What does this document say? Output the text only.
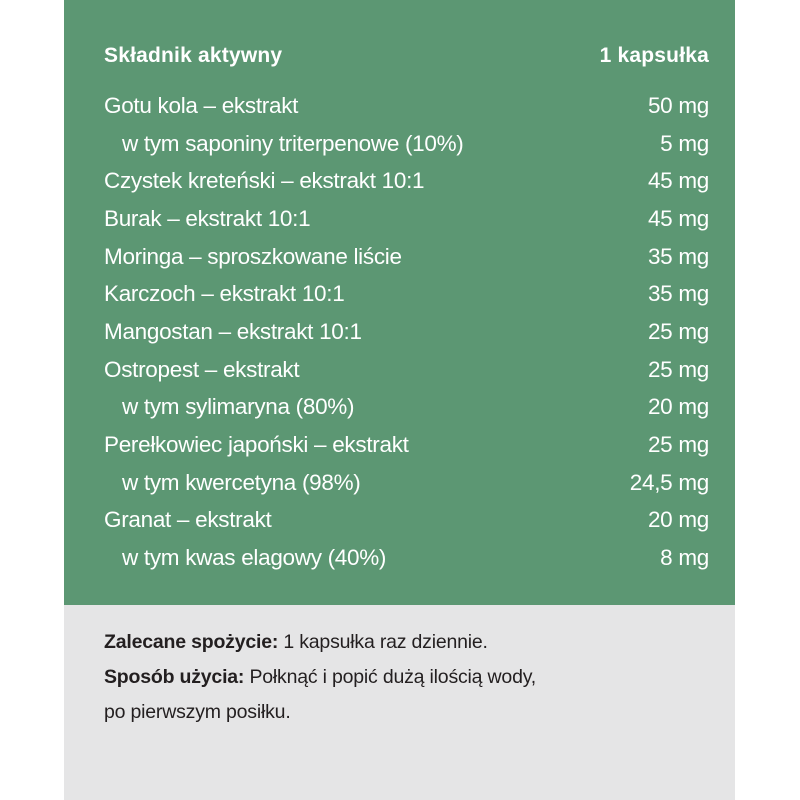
Składnik aktywny	1 kapsułka
Gotu kola – ekstrakt	50 mg
w tym saponiny triterpenowe (10%)	5 mg
Czystek kreteński – ekstrakt 10:1	45 mg
Burak – ekstrakt 10:1	45 mg
Moringa – sproszkowane liście	35 mg
Karczoch – ekstrakt 10:1	35 mg
Mangostan – ekstrakt 10:1	25 mg
Ostropest – ekstrakt	25 mg
w tym sylimaryna (80%)	20 mg
Perełkowiec japoński – ekstrakt	25 mg
w tym kwercetyna (98%)	24,5 mg
Granat – ekstrakt	20 mg
w tym kwas elagowy (40%)	8 mg
Zalecane spożycie: 1 kapsułka raz dziennie.
Sposób użycia: Połknąć i popić dużą ilością wody,
po pierwszym posiłku.
